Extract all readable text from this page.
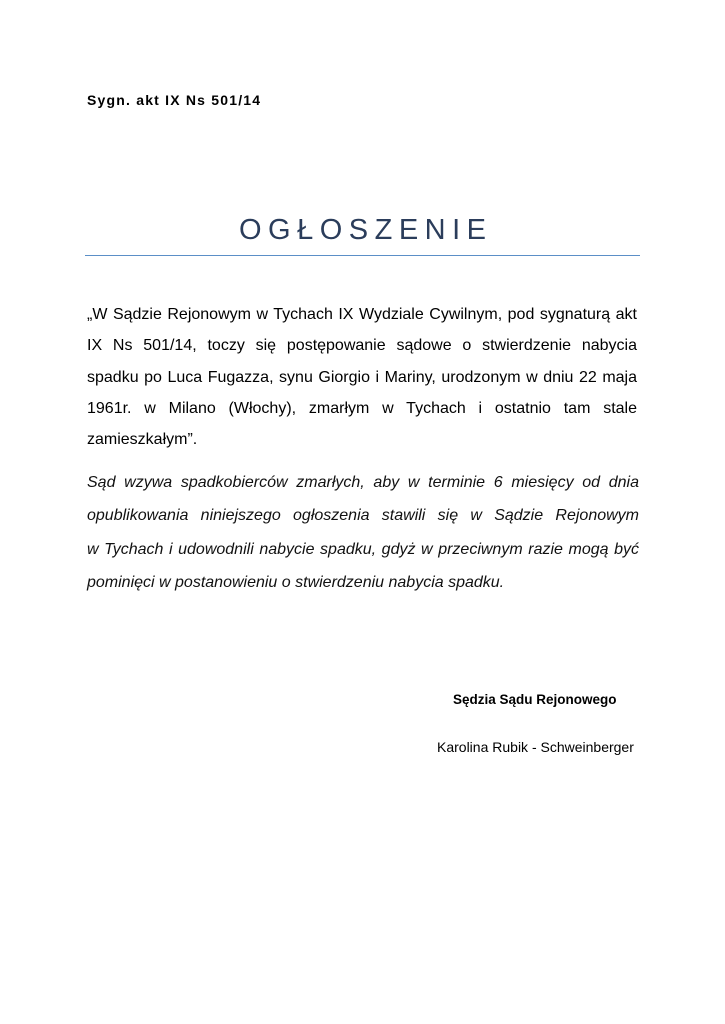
Sygn. akt IX Ns 501/14
OGŁOSZENIE
„W Sądzie Rejonowym w Tychach IX Wydziale Cywilnym, pod sygnaturą akt
IX Ns 501/14, toczy się postępowanie sądowe o stwierdzenie nabycia
spadku po Luca Fugazza, synu Giorgio i Mariny, urodzonym w dniu 22 maja
1961r. w Milano (Włochy), zmarłym w Tychach i ostatnio tam stale
zamieszkałym”.
Sąd wzywa spadkobierców zmarłych, aby w terminie 6 miesięcy od dnia
opublikowania niniejszego ogłoszenia stawili się w Sądzie Rejonowym
w Tychach i udowodnili nabycie spadku, gdyż w przeciwnym razie mogą być
pominięci w postanowieniu o stwierdzeniu nabycia spadku.
Sędzia Sądu Rejonowego
Karolina Rubik - Schweinberger
